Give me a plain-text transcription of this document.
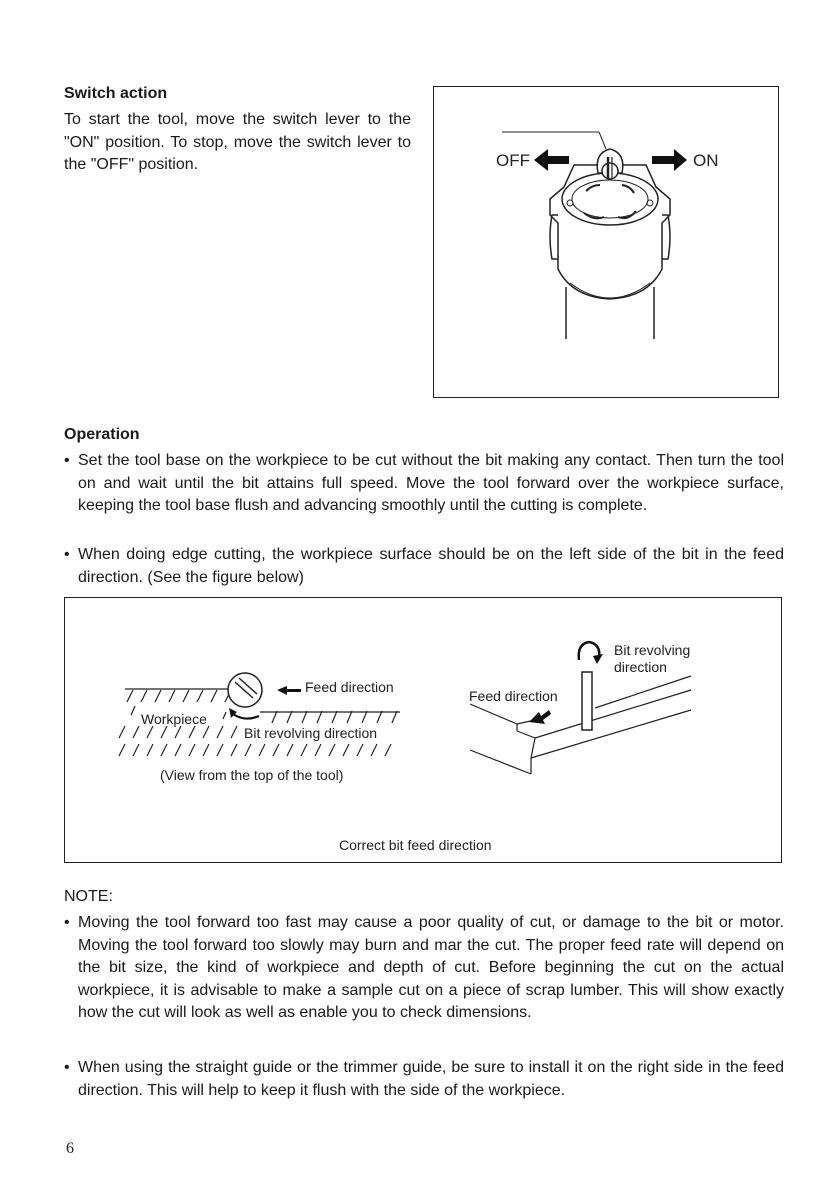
Switch action
To start the tool, move the switch lever to the "ON" position. To stop, move the switch lever to the "OFF" position.	OFF	ON
Operation
• Set the tool base on the workpiece to be cut without the bit making any contact. Then turn the tool on and wait until the bit attains full speed. Move the tool forward over the workpiece surface, keeping the tool base flush and advancing smoothly until the cutting is complete.
• When doing edge cutting, the workpiece surface should be on the left side of the bit in the feed direction. (See the figure below)
Feed direction
Workpiece
Bit revolving direction
(View from the top of the tool)
Bit revolving
direction
Feed direction
Correct bit feed direction
NOTE:
• Moving the tool forward too fast may cause a poor quality of cut, or damage to the bit or motor. Moving the tool forward too slowly may burn and mar the cut. The proper feed rate will depend on the bit size, the kind of workpiece and depth of cut. Before beginning the cut on the actual workpiece, it is advisable to make a sample cut on a piece of scrap lumber. This will show exactly how the cut will look as well as enable you to check dimensions.
• When using the straight guide or the trimmer guide, be sure to install it on the right side in the feed direction. This will help to keep it flush with the side of the workpiece.
6
